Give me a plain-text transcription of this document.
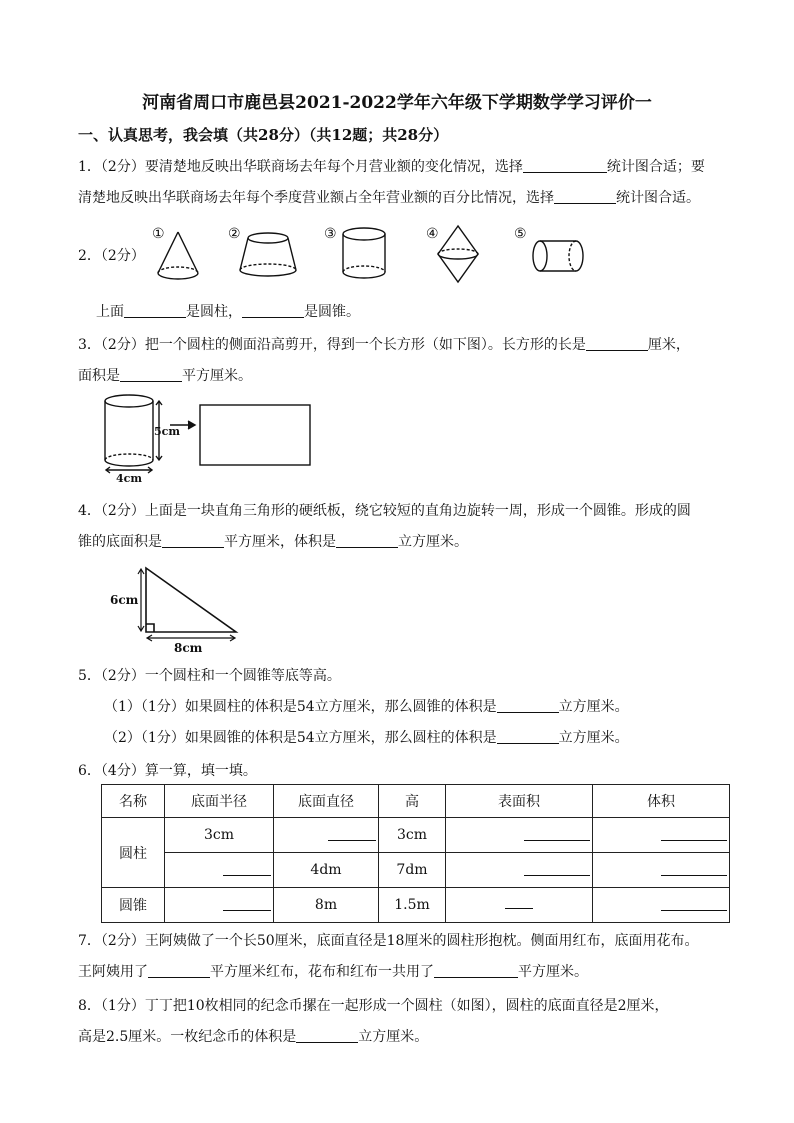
河南省周口市鹿邑县2021-2022学年六年级下学期数学学习评价一
一、认真思考，我会填（共28分）（共12题；共28分）
1．（2分）要清楚地反映出华联商场去年每个月营业额的变化情况，选择	统计图合适；要
清楚地反映出华联商场去年每个季度营业额占全年营业额的百分比情况，选择	统计图合适。
2．（2分）
①	②	③	④	⑤
上面	是圆柱，	是圆锥。
3．（2分）把一个圆柱的侧面沿高剪开，得到一个长方形（如下图）。长方形的长是	厘米，
面积是	平方厘米。
5cm
4cm
4．（2分）上面是一块直角三角形的硬纸板，绕它较短的直角边旋转一周，形成一个圆锥。形成的圆
锥的底面积是	平方厘米，体积是	立方厘米。
6cm
8cm
5．（2分）一个圆柱和一个圆锥等底等高。
（1）（1分）如果圆柱的体积是54立方厘米，那么圆锥的体积是	立方厘米。
（2）（1分）如果圆锥的体积是54立方厘米，那么圆柱的体积是	立方厘米。
6．（4分）算一算，填一填。
名称	底面半径	底面直径	高	表面积	体积
圆柱	3cm		3cm		
		4dm	7dm		
圆锥		8m	1.5m		
7．（2分）王阿姨做了一个长50厘米，底面直径是18厘米的圆柱形抱枕。侧面用红布，底面用花布。
王阿姨用了	平方厘米红布，花布和红布一共用了	平方厘米。
8．（1分）丁丁把10枚相同的纪念币摞在一起形成一个圆柱（如图），圆柱的底面直径是2厘米，
高是2.5厘米。一枚纪念币的体积是	立方厘米。
